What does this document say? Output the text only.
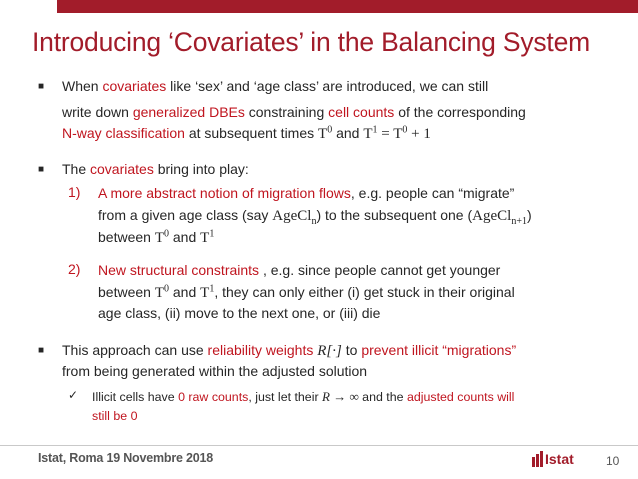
Introducing ‘Covariates’ in the Balancing System
■ When covariates like ‘sex’ and ‘age class’ are introduced, we can still
write down generalized DBEs constraining cell counts of the corresponding
N-way classification at subsequent times $T^0$ and $T^1 = T^0 + 1$
■ The covariates bring into play:
1) A more abstract notion of migration flows, e.g. people can “migrate”
from a given age class (say AgeCl$_n$) to the subsequent one (AgeCl$_{n+1}$)
between $T^0$ and $T^1$
2) New structural constraints , e.g. since people cannot get younger
between $T^0$ and $T^1$, they can only either (i) get stuck in their original
age class, (ii) move to the next one, or (iii) die
■ This approach can use reliability weights R[·] to prevent illicit “migrations”
from being generated within the adjusted solution
✓ Illicit cells have 0 raw counts, just let their R → ∞ and the adjusted counts will
still be 0
Istat, Roma 19 Novembre 2018	Istat	10
